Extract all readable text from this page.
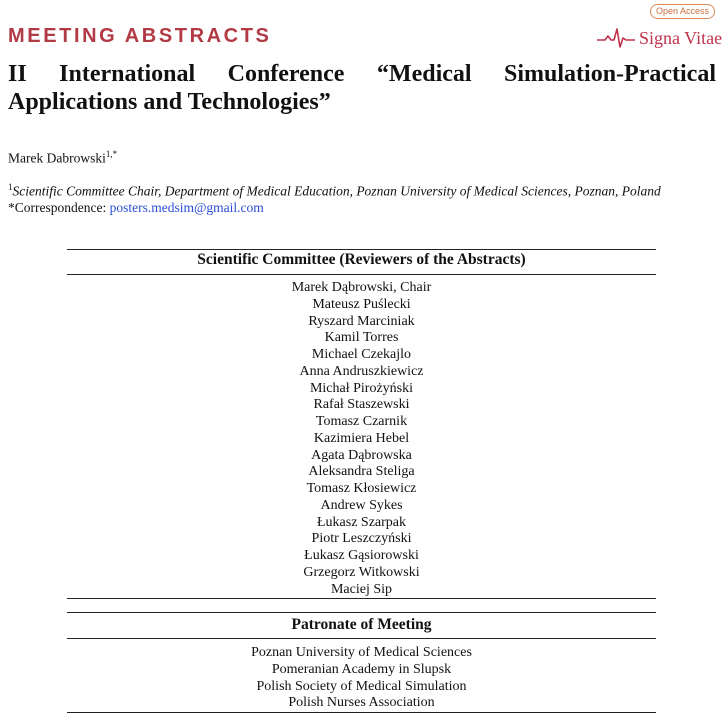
MEETING ABSTRACTS
Open Access
Signa Vitae
II International Conference “Medical Simulation-Practical
Applications and Technologies”
Marek Dabrowski$^{1,*}$
$^1$Scientific Committee Chair, Department of Medical Education, Poznan University of Medical Sciences, Poznan, Poland
*Correspondence: posters.medsim@gmail.com
Scientific Committee (Reviewers of the Abstracts)
Marek Dąbrowski, Chair
Mateusz Puślecki
Ryszard Marciniak
Kamil Torres
Michael Czekajlo
Anna Andruszkiewicz
Michał Pirożyński
Rafał Staszewski
Tomasz Czarnik
Kazimiera Hebel
Agata Dąbrowska
Aleksandra Steliga
Tomasz Kłosiewicz
Andrew Sykes
Łukasz Szarpak
Piotr Leszczyński
Łukasz Gąsiorowski
Grzegorz Witkowski
Maciej Sip
Patronate of Meeting
Poznan University of Medical Sciences
Pomeranian Academy in Slupsk
Polish Society of Medical Simulation
Polish Nurses Association
